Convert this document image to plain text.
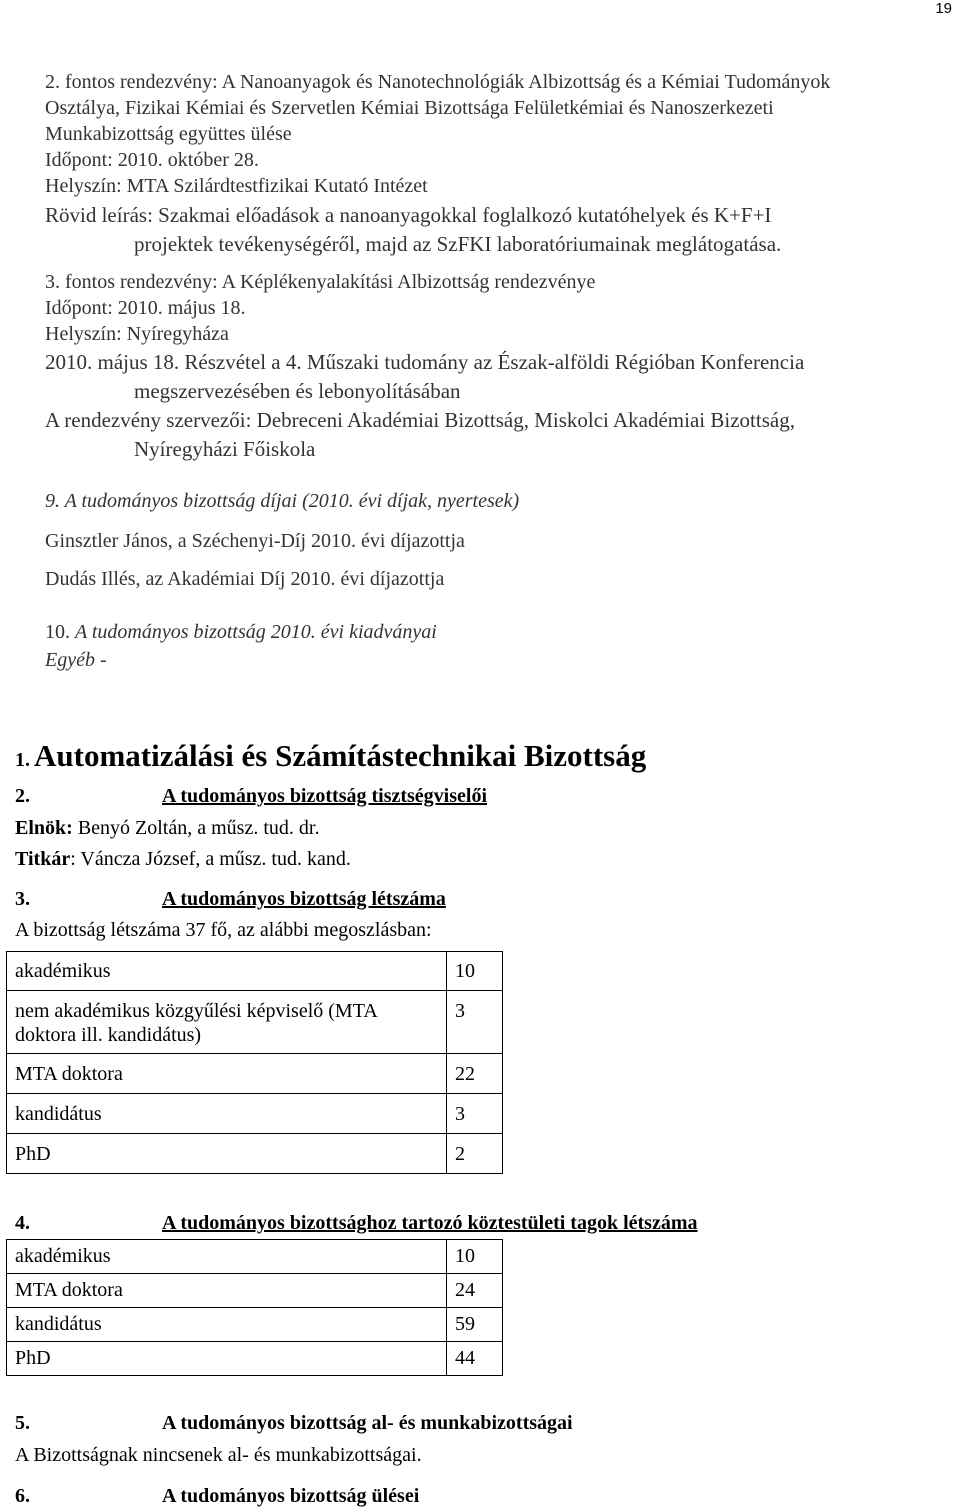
19
2. fontos rendezvény: A Nanoanyagok és Nanotechnológiák Albizottság és a Kémiai Tudományok
Osztálya, Fizikai Kémiai és Szervetlen Kémiai Bizottsága Felületkémiai és Nanoszerkezeti
Munkabizottság együttes ülése
Időpont: 2010. október 28.
Helyszín: MTA Szilárdtestfizikai Kutató Intézet
Rövid leírás: Szakmai előadások a nanoanyagokkal foglalkozó kutatóhelyek és K+F+I
projektek tevékenységéről, majd az SzFKI laboratóriumainak meglátogatása.
3. fontos rendezvény: A Képlékenyalakítási Albizottság rendezvénye
Időpont: 2010. május 18.
Helyszín: Nyíregyháza
2010. május 18. Részvétel a 4. Műszaki tudomány az Észak-alföldi Régióban Konferencia
megszervezésében és lebonyolításában
A rendezvény szervezői: Debreceni Akadémiai Bizottság, Miskolci Akadémiai Bizottság,
Nyíregyházi Főiskola
9. A tudományos bizottság díjai (2010. évi díjak, nyertesek)
Ginsztler János, a Széchenyi-Díj 2010. évi díjazottja
Dudás Illés, az Akadémiai Díj 2010. évi díjazottja
10. A tudományos bizottság 2010. évi kiadványai
Egyéb -
1. Automatizálási és Számítástechnikai Bizottság
2.	A tudományos bizottság tisztségviselői
Elnök: Benyó Zoltán, a műsz. tud. dr.
Titkár: Váncza József, a műsz. tud. kand.
3.	A tudományos bizottság létszáma
A bizottság létszáma 37 fő, az alábbi megoszlásban:
akadémikus	10
nem akadémikus közgyűlési képviselő (MTA
doktora ill. kandidátus)	3
MTA doktora	22
kandidátus	3
PhD	2
4.	A tudományos bizottsághoz tartozó köztestületi tagok létszáma
akadémikus	10
MTA doktora	24
kandidátus	59
PhD	44
5.	A tudományos bizottság al- és munkabizottságai
A Bizottságnak nincsenek al- és munkabizottságai.
6.	A tudományos bizottság ülései
